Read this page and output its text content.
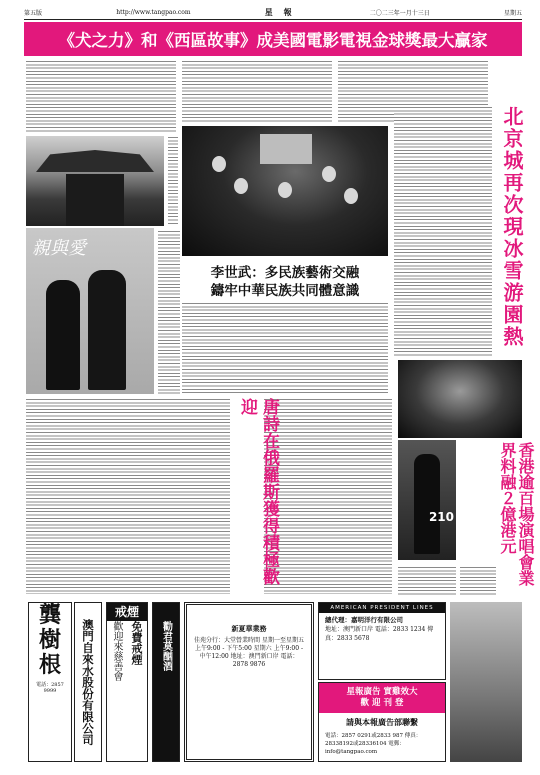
第五版	http://www.tangpao.com	星 報	二〇二三年一月十三日	星期五
《犬之力》和《西區故事》成美國電影電視金球獎最大贏家
親與愛
210
李世武：多民族藝術交融
鑄牢中華民族共同體意識	北京城再次現冰雪游園熱
唐詩在俄羅斯獲得積極歡迎
香港逾百場演唱會業界料融２億港元
龔樹根
電話：2857 9999	澳門自來水股份有限公司
戒煙
免費戒煙
歡迎來慈善會	勸君莫酗酒	新夏華業務
佳苑分行：大堂營業時間 星期一至星期五 上午9:00 - 下午5:00 星期六 上午9:00 - 中午12:00 地址：澳門新口岸 電話：2878 9876
AMERICAN PRESIDENT LINES
總代理：嘉明洋行有限公司
地址：澳門新口岸 電話：2833 1234 傳真：2833 5678
星報廣告 實雞效大
歡 迎 刊 登
請與本報廣告部聯繫
電話：2857 0291或2833 987 傳真：28338192或28336104 電郵：info@tangpao.com
